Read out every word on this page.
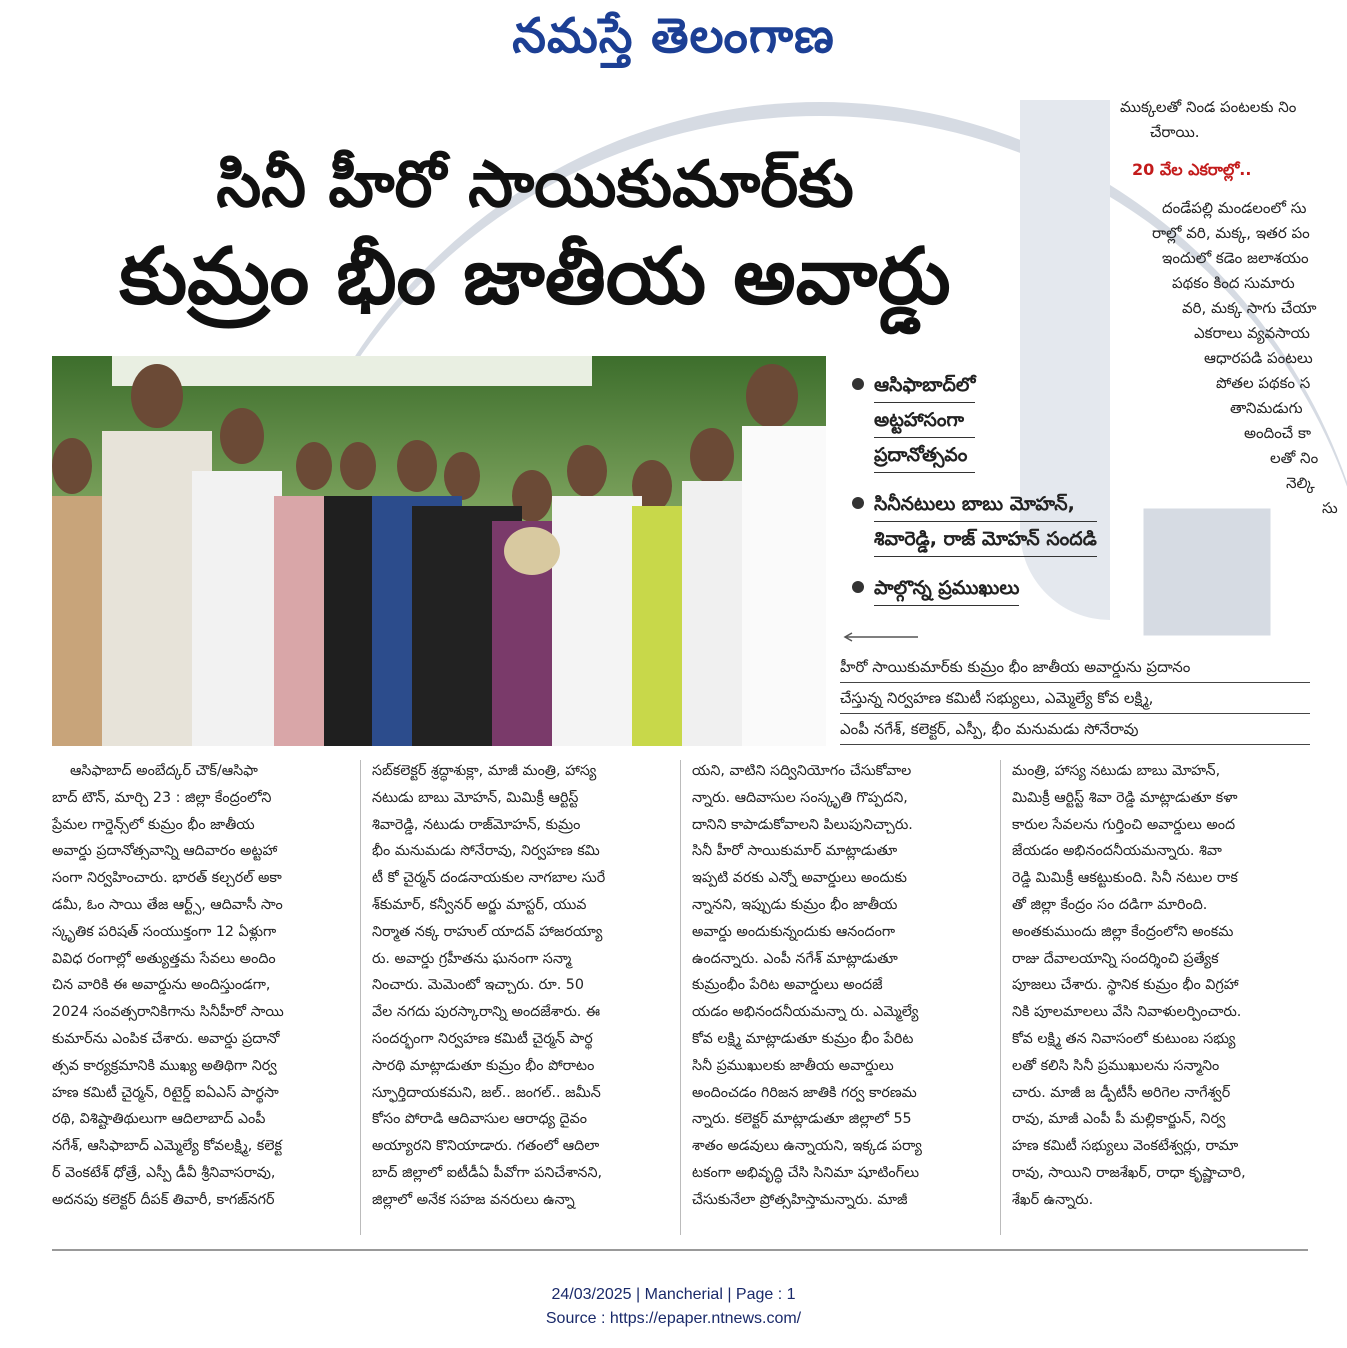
నమస్తే తెలంగాణ

ముక్కలతో నిండ పంటలకు నిం

చేరాయి.

20 వేల ఎకరాల్లో..

దండేపల్లి మండలంలో సు

రాల్లో వరి, మక్క, ఇతర పం

ఇందులో కడెం జలాశయం

పథకం కింద సుమారు

వరి, మక్క సాగు చేయా

ఎకరాలు వ్యవసాయ

ఆధారపడి పంటలు

పోతల పథకం స

తానిమడుగు

అందించే కా

లతో నిం

నెల్కి

సు

సినీ హీరో సాయికుమార్‌కు
కుమ్రం భీం జాతీయ అవార్డు
ఆసిఫాబాద్‌లో
అట్టహాసంగా
ప్రదానోత్సవం
సినీనటులు బాబు మోహన్,
శివారెడ్డి, రాజ్ మోహన్ సందడి
పాల్గొన్న ప్రముఖులు
హీరో సాయికుమార్‌కు కుమ్రం భీం జాతీయ అవార్డును ప్రదానం
చేస్తున్న నిర్వహణ కమిటీ సభ్యులు, ఎమ్మెల్యే కోవ లక్ష్మి,
ఎంపీ నగేశ్, కలెక్టర్, ఎస్పీ, భీం మనుమడు సోనేరావు

ఆసిఫాబాద్ అంబేద్కర్ చౌక్/ఆసిఫా

బాద్ టౌన్, మార్చి 23 : జిల్లా కేంద్రంలోని

ప్రేమల గార్డెన్స్‌లో కుమ్రం భీం జాతీయ

అవార్డు ప్రదానోత్సవాన్ని ఆదివారం అట్టహా

సంగా నిర్వహించారు. భారత్ కల్చరల్ అకా

డమీ, ఓం సాయి తేజ ఆర్ట్స్, ఆదివాసీ సాం

స్కృతిక పరిషత్ సంయుక్తంగా 12 ఏళ్లుగా

వివిధ రంగాల్లో అత్యుత్తమ సేవలు అందిం

చిన వారికి ఈ అవార్డును అందిస్తుండగా,

2024 సంవత్సరానికిగాను సినీహీరో సాయి

కుమార్‌ను ఎంపిక చేశారు. అవార్డు ప్రదానో

త్సవ కార్యక్రమానికి ముఖ్య అతిథిగా నిర్వ

హణ కమిటీ చైర్మన్, రిటైర్డ్ ఐఏఎస్ పార్థసా

రథి, విశిష్టాతిథులుగా ఆదిలాబాద్ ఎంపీ

నగేశ్, ఆసిఫాబాద్ ఎమ్మెల్యే కోవలక్ష్మి, కలెక్ట

ర్ వెంకటేశ్ ధోత్రే, ఎస్పీ డీవీ శ్రీనివాసరావు,

అదనపు కలెక్టర్ దీపక్ తివారీ, కాగజ్‌నగర్

సబ్‌కలెక్టర్ శ్రద్ధాశుక్లా, మాజీ మంత్రి, హాస్య

నటుడు బాబు మోహన్, మిమిక్రీ ఆర్టిస్ట్

శివారెడ్డి, నటుడు రాజ్‌మోహన్, కుమ్రం

భీం మనుమడు సోనేరావు, నిర్వహణ కమి

టీ కో చైర్మన్ దండనాయకుల నాగబాల సురే

శ్‌కుమార్, కన్వీనర్ అర్జు మాస్టర్, యువ

నిర్మాత నక్క రాహుల్ యాదవ్ హాజరయ్యా

రు. అవార్డు గ్రహీతను ఘనంగా సన్మా

నించారు. మెమెంటో ఇచ్చారు. రూ. 50

వేల నగదు పురస్కారాన్ని అందజేశారు. ఈ

సందర్భంగా నిర్వహణ కమిటీ చైర్మన్ పార్థ

సారథి మాట్లాడుతూ కుమ్రం భీం పోరాటం

స్ఫూర్తిదాయకమని, జల్.. జంగల్.. జమీన్

కోసం పోరాడి ఆదివాసుల ఆరాధ్య దైవం

అయ్యారని కొనియాడారు. గతంలో ఆదిలా

బాద్ జిల్లాలో ఐటీడీఏ పీవోగా పనిచేశానని,

జిల్లాలో అనేక సహజ వనరులు ఉన్నా

యని, వాటిని సద్వినియోగం చేసుకోవాల

న్నారు. ఆదివాసుల సంస్కృతి గొప్పదని,

దానిని కాపాడుకోవాలని పిలుపునిచ్చారు.

సినీ హీరో సాయికుమార్ మాట్లాడుతూ

ఇప్పటి వరకు ఎన్నో అవార్డులు అందుకు

న్నానని, ఇప్పుడు కుమ్రం భీం జాతీయ

అవార్డు అందుకున్నందుకు ఆనందంగా

ఉందన్నారు. ఎంపీ నగేశ్ మాట్లాడుతూ

కుమ్రంభీం పేరిట అవార్డులు అందజే

యడం అభినందనీయమన్నా రు. ఎమ్మెల్యే

కోవ లక్ష్మి మాట్లాడుతూ కుమ్రం భీం పేరిట

సినీ ప్రముఖులకు జాతీయ అవార్డులు

అందించడం గిరిజన జాతికి గర్వ కారణమ

న్నారు. కలెక్టర్ మాట్లాడుతూ జిల్లాలో 55

శాతం అడవులు ఉన్నాయని, ఇక్కడ పర్యా

టకంగా అభివృద్ధి చేసి సినిమా షూటింగ్‌లు

చేసుకునేలా ప్రోత్సహిస్తామన్నారు. మాజీ

మంత్రి, హాస్య నటుడు బాబు మోహన్,

మిమిక్రీ ఆర్టిస్ట్ శివా రెడ్డి మాట్లాడుతూ కళా

కారుల సేవలను గుర్తించి అవార్డులు అంద

జేయడం అభినందనీయమన్నారు. శివా

రెడ్డి మిమిక్రీ ఆకట్టుకుంది. సినీ నటుల రాక

తో జిల్లా కేంద్రం సం దడిగా మారింది.

అంతకుముందు జిల్లా కేంద్రంలోని అంకమ

రాజు దేవాలయాన్ని సందర్శించి ప్రత్యేక

పూజలు చేశారు. స్థానిక కుమ్రం భీం విగ్రహా

నికి పూలమాలలు వేసి నివాళులర్పించారు.

కోవ లక్ష్మి తన నివాసంలో కుటుంబ సభ్యు

లతో కలిసి సినీ ప్రముఖులను సన్మానిం

చారు. మాజీ జ డ్పీటీసీ అరిగెల నాగేశ్వర్

రావు, మాజీ ఎంపీ పీ మల్లికార్జున్, నిర్వ

హణ కమిటీ సభ్యులు వెంకటేశ్వర్లు, రామా

రావు, సాయిని రాజశేఖర్, రాధా కృష్ణాచారి,

శేఖర్ ఉన్నారు.

24/03/2025 | Mancherial | Page : 1
Source : https://epaper.ntnews.com/
